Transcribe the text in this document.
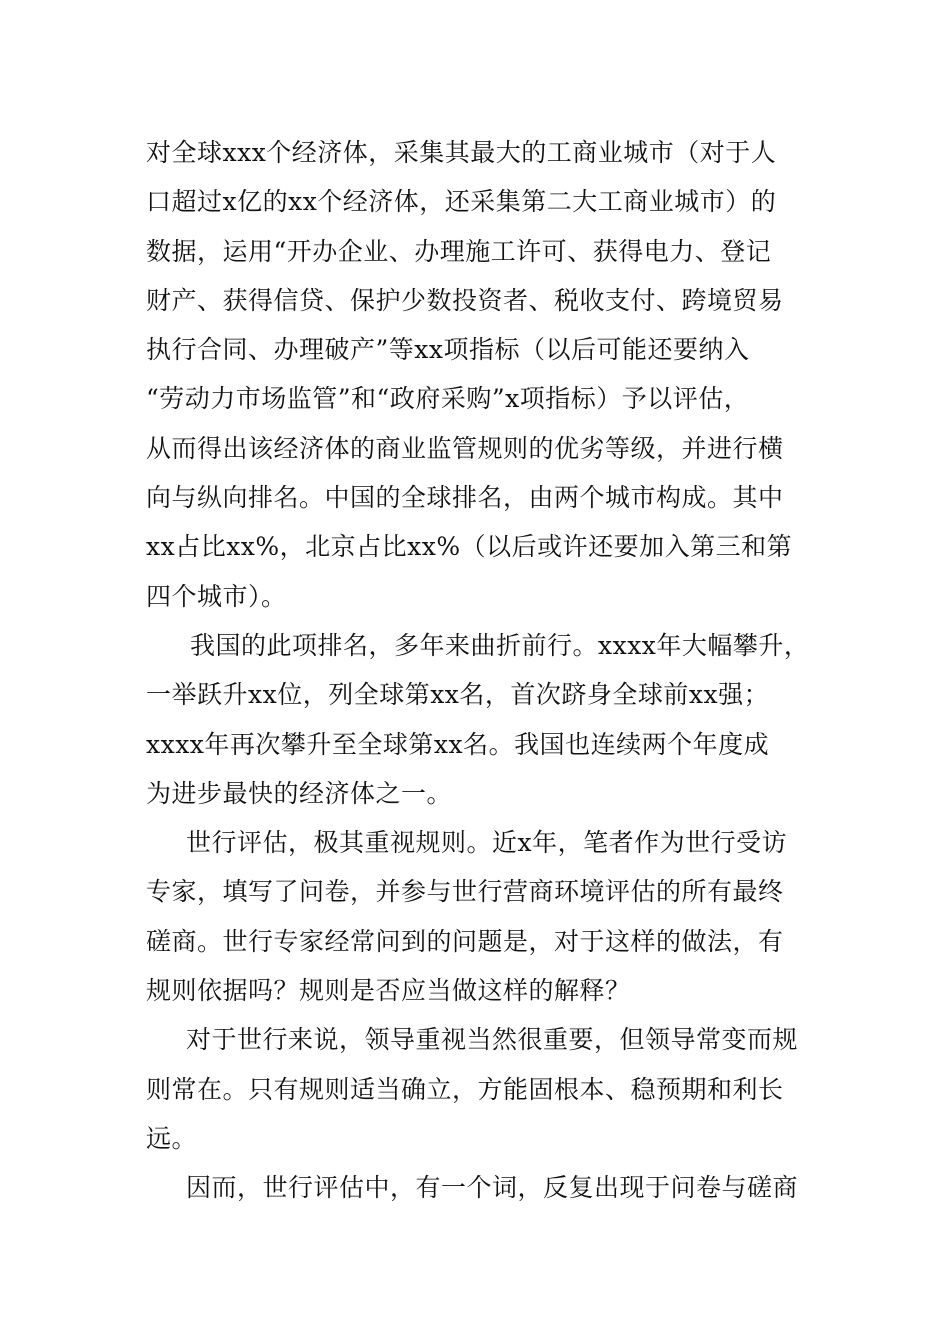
对全球xxx个经济体，采集其最大的工商业城市（对于人
口超过x亿的xx个经济体，还采集第二大工商业城市）的
数据，运用“开办企业、办理施工许可、获得电力、登记
财产、获得信贷、保护少数投资者、税收支付、跨境贸易
执行合同、办理破产”等xx项指标（以后可能还要纳入
“劳动力市场监管”和“政府采购”x项指标）予以评估，
从而得出该经济体的商业监管规则的优劣等级，并进行横
向与纵向排名。中国的全球排名，由两个城市构成。其中
xx占比xx%，北京占比xx%（以后或许还要加入第三和第
四个城市）。
我国的此项排名，多年来曲折前行。xxxx年大幅攀升，
一举跃升xx位，列全球第xx名，首次跻身全球前xx强；
xxxx年再次攀升至全球第xx名。我国也连续两个年度成
为进步最快的经济体之一。
世行评估，极其重视规则。近x年，笔者作为世行受访
专家，填写了问卷，并参与世行营商环境评估的所有最终
磋商。世行专家经常问到的问题是，对于这样的做法，有
规则依据吗？规则是否应当做这样的解释？
对于世行来说，领导重视当然很重要，但领导常变而规
则常在。只有规则适当确立，方能固根本、稳预期和利长
远。
因而，世行评估中，有一个词，反复出现于问卷与磋商
